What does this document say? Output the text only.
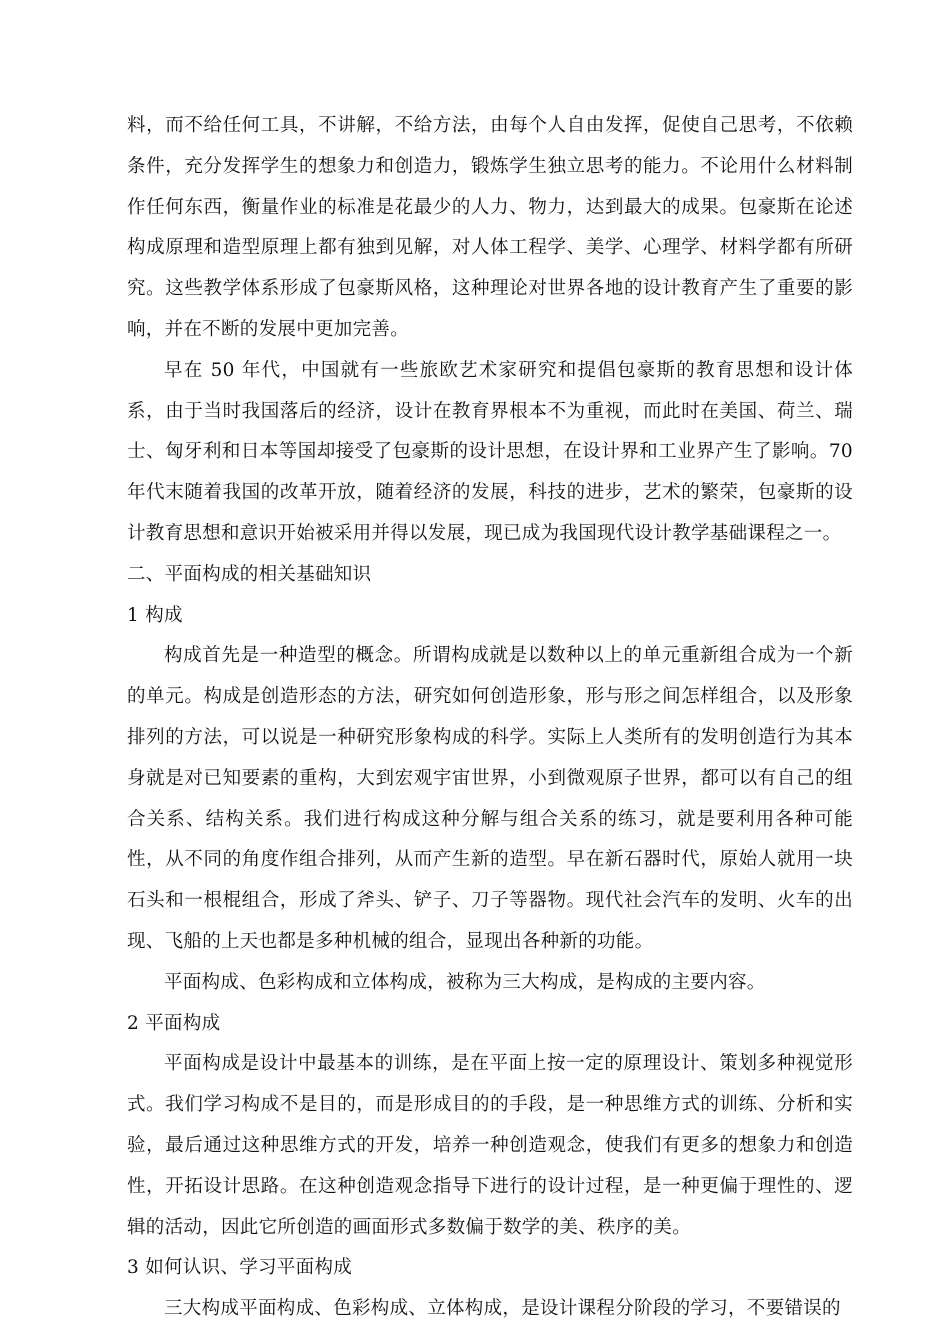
料，而不给任何工具，不讲解，不给方法，由每个人自由发挥，促使自己思考，不依赖条件，充分发挥学生的想象力和创造力，锻炼学生独立思考的能力。不论用什么材料制作任何东西，衡量作业的标准是花最少的人力、物力，达到最大的成果。包豪斯在论述构成原理和造型原理上都有独到见解，对人体工程学、美学、心理学、材料学都有所研究。这些教学体系形成了包豪斯风格，这种理论对世界各地的设计教育产生了重要的影响，并在不断的发展中更加完善。

早在 50 年代，中国就有一些旅欧艺术家研究和提倡包豪斯的教育思想和设计体系，由于当时我国落后的经济，设计在教育界根本不为重视，而此时在美国、荷兰、瑞士、匈牙利和日本等国却接受了包豪斯的设计思想，在设计界和工业界产生了影响。70 年代末随着我国的改革开放，随着经济的发展，科技的进步，艺术的繁荣，包豪斯的设计教育思想和意识开始被采用并得以发展，现已成为我国现代设计教学基础课程之一。

二、平面构成的相关基础知识

1 构成

构成首先是一种造型的概念。所谓构成就是以数种以上的单元重新组合成为一个新的单元。构成是创造形态的方法，研究如何创造形象，形与形之间怎样组合，以及形象排列的方法，可以说是一种研究形象构成的科学。实际上人类所有的发明创造行为其本身就是对已知要素的重构，大到宏观宇宙世界，小到微观原子世界，都可以有自己的组合关系、结构关系。我们进行构成这种分解与组合关系的练习，就是要利用各种可能性，从不同的角度作组合排列，从而产生新的造型。早在新石器时代，原始人就用一块石头和一根棍组合，形成了斧头、铲子、刀子等器物。现代社会汽车的发明、火车的出现、飞船的上天也都是多种机械的组合，显现出各种新的功能。

平面构成、色彩构成和立体构成，被称为三大构成，是构成的主要内容。

2 平面构成

平面构成是设计中最基本的训练，是在平面上按一定的原理设计、策划多种视觉形式。我们学习构成不是目的，而是形成目的的手段，是一种思维方式的训练、分析和实验，最后通过这种思维方式的开发，培养一种创造观念，使我们有更多的想象力和创造性，开拓设计思路。在这种创造观念指导下进行的设计过程，是一种更偏于理性的、逻辑的活动，因此它所创造的画面形式多数偏于数学的美、秩序的美。

3 如何认识、学习平面构成

三大构成平面构成、色彩构成、立体构成，是设计课程分阶段的学习，不要错误的
